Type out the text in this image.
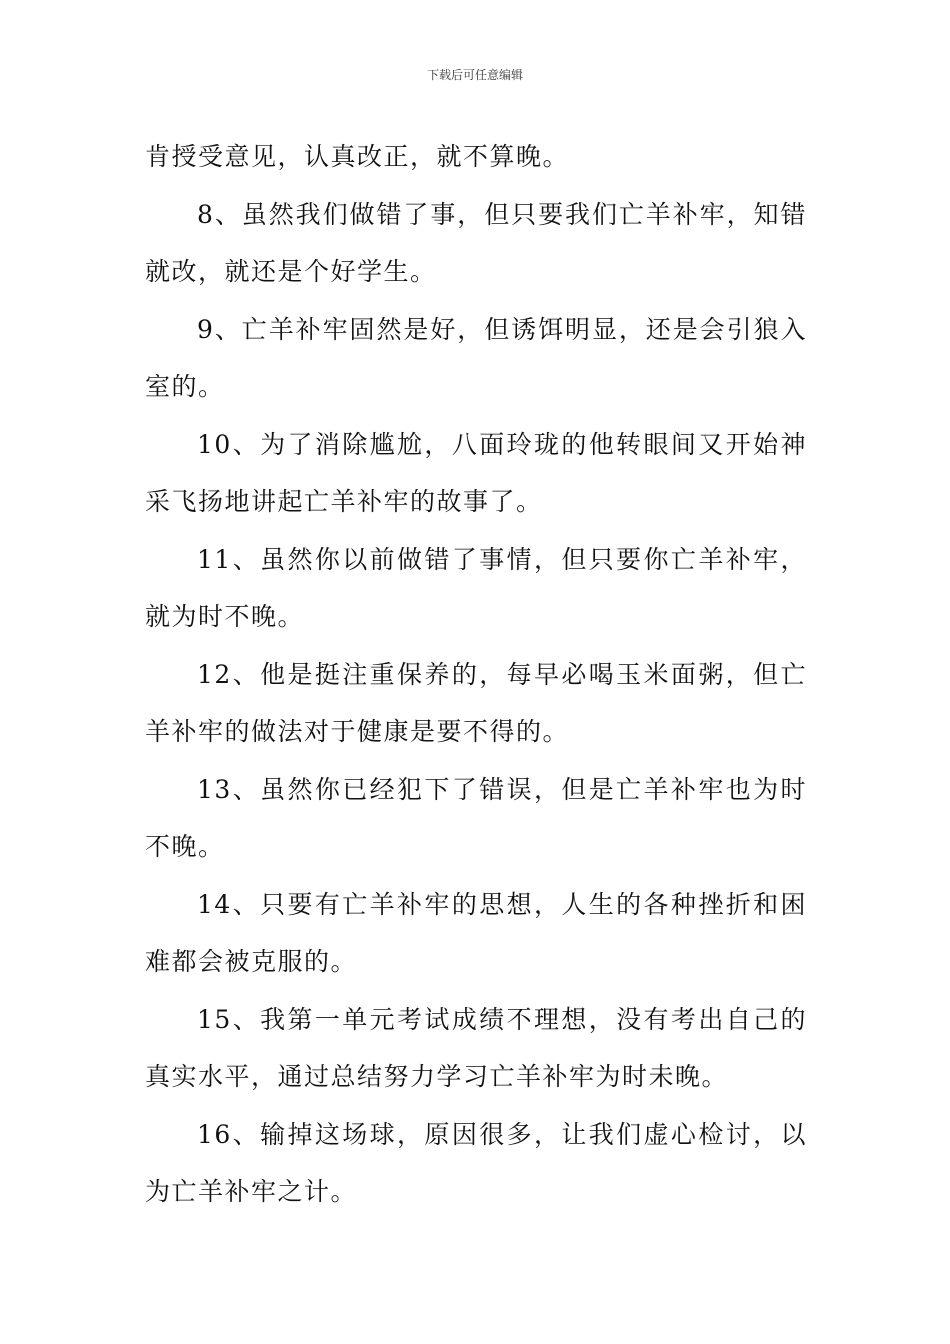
下载后可任意编辑

肯授受意见，认真改正，就不算晚。

8、虽然我们做错了事，但只要我们亡羊补牢，知错就改，就还是个好学生。

9、亡羊补牢固然是好，但诱饵明显，还是会引狼入室的。

10、为了消除尴尬，八面玲珑的他转眼间又开始神采飞扬地讲起亡羊补牢的故事了。

11、虽然你以前做错了事情，但只要你亡羊补牢，就为时不晚。

12、他是挺注重保养的，每早必喝玉米面粥，但亡羊补牢的做法对于健康是要不得的。

13、虽然你已经犯下了错误，但是亡羊补牢也为时不晚。

14、只要有亡羊补牢的思想，人生的各种挫折和困难都会被克服的。

15、我第一单元考试成绩不理想，没有考出自己的真实水平，通过总结努力学习亡羊补牢为时未晚。

16、输掉这场球，原因很多，让我们虚心检讨，以为亡羊补牢之计。
